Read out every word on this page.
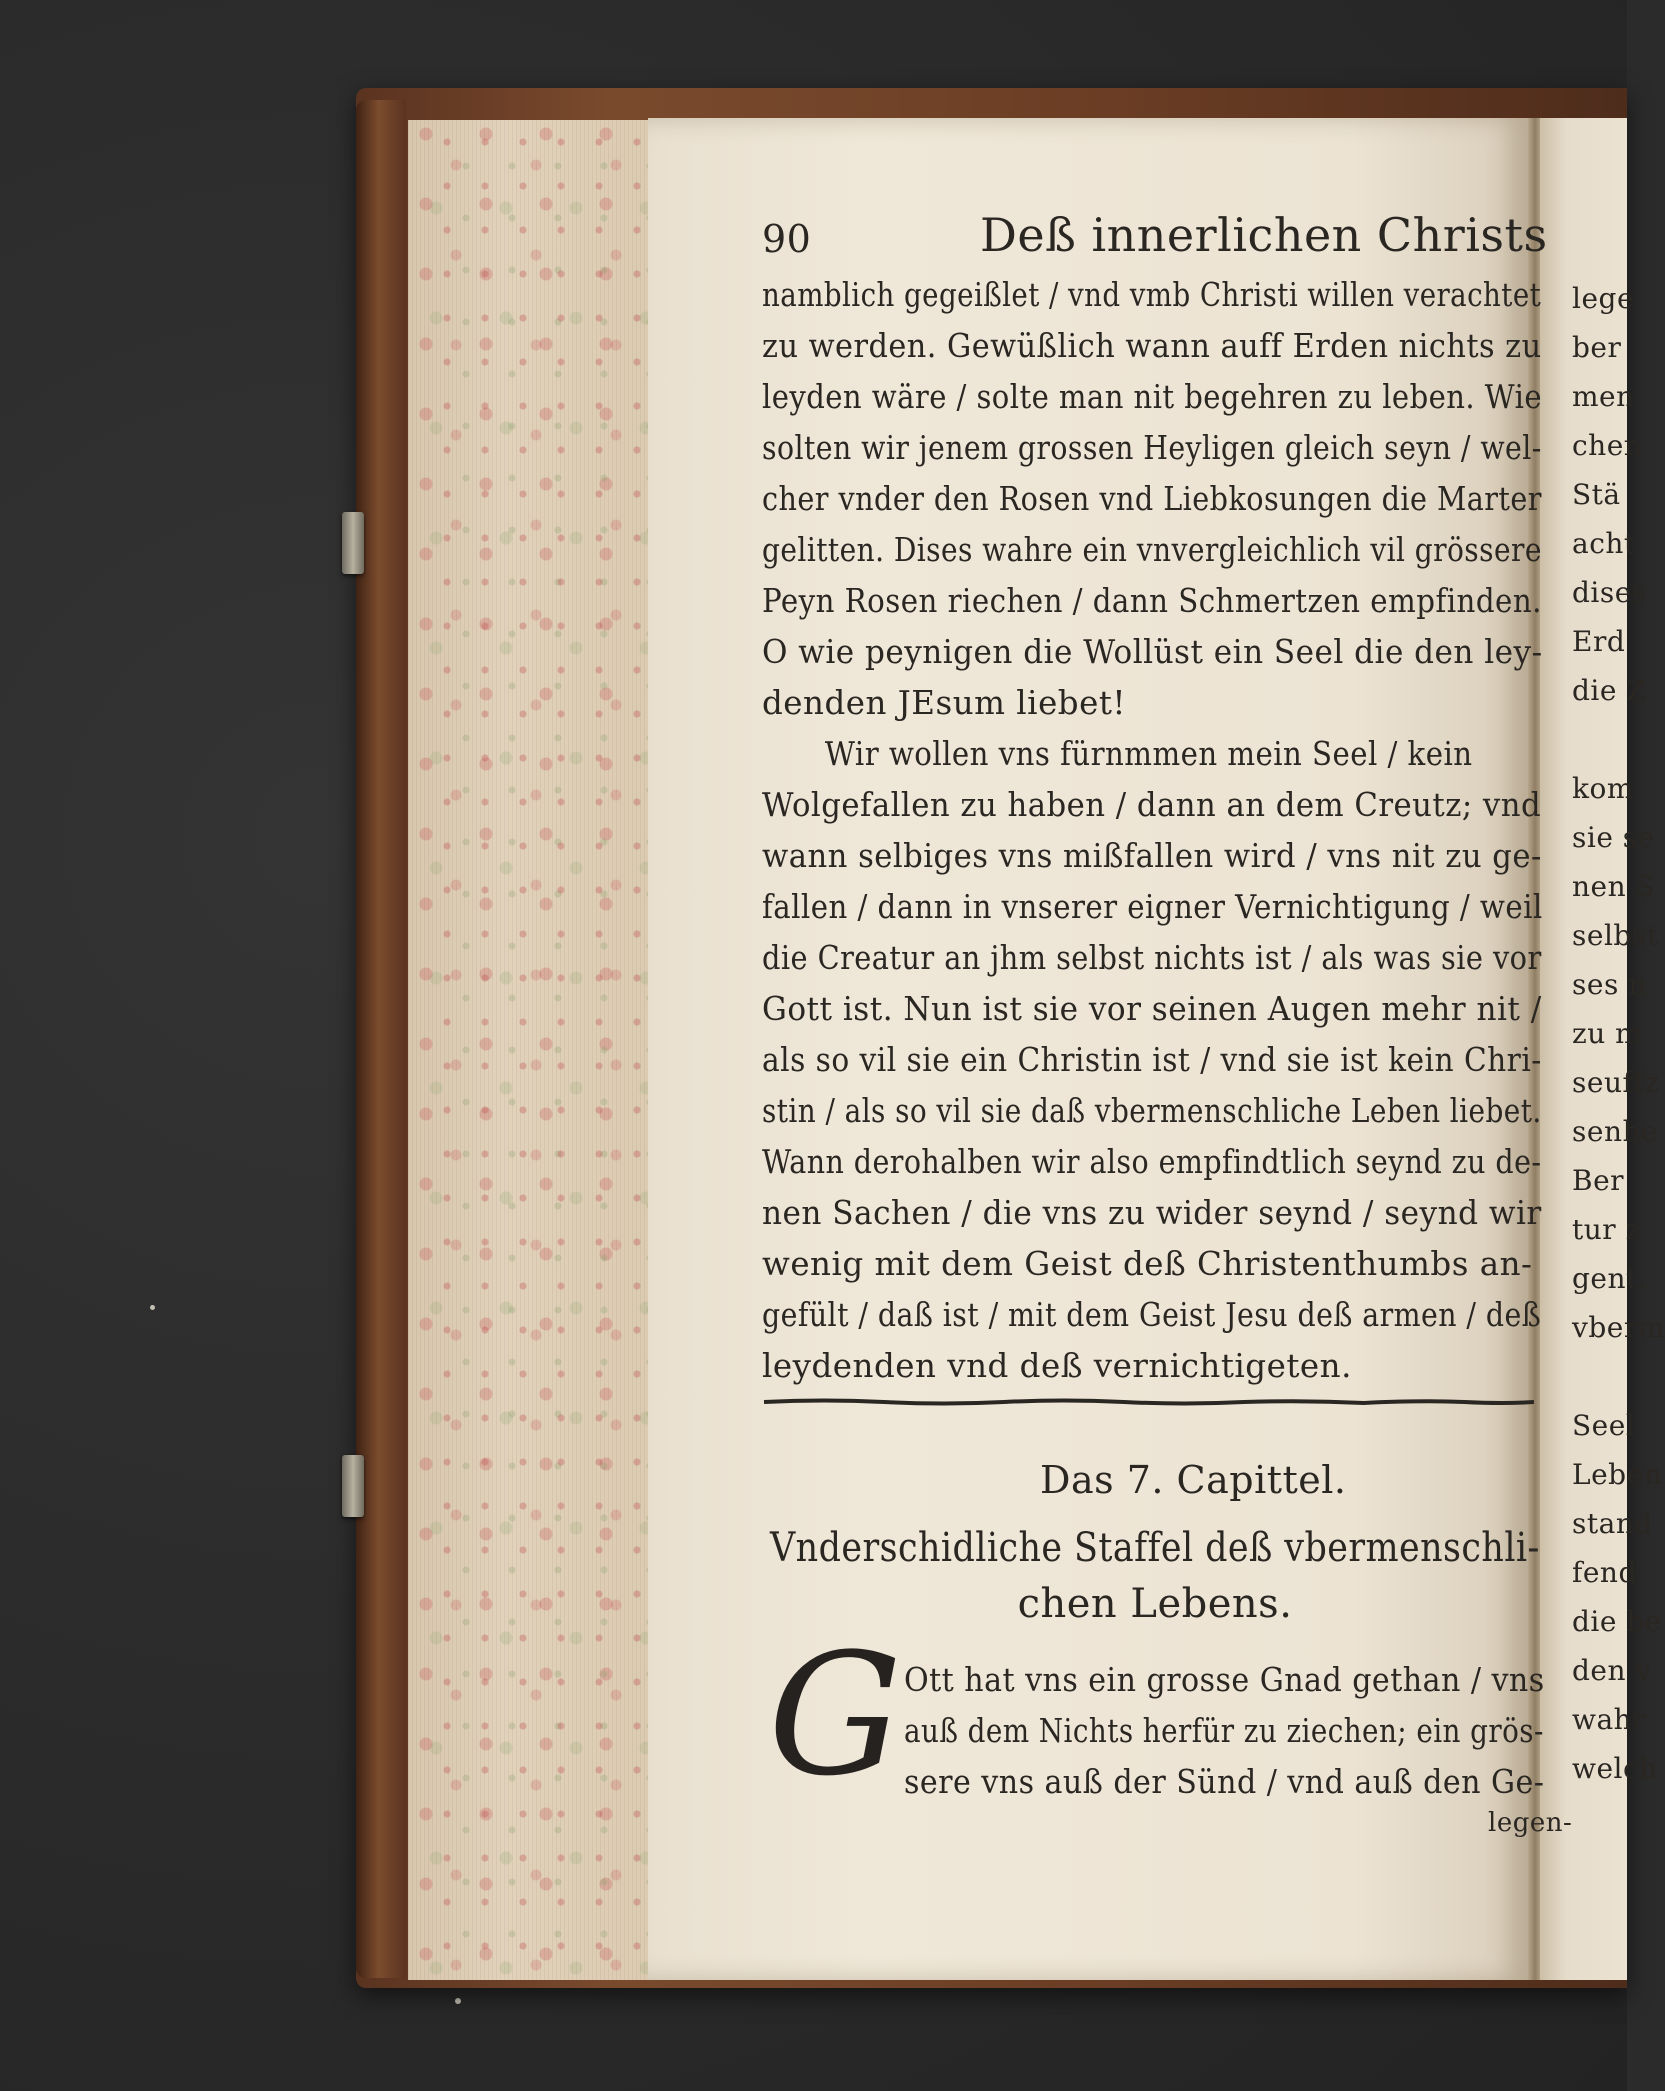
lege
ber
men
chen
Stä
acht
dises
Erd
die Z
kom
sie se
nen S
selbst
ses n
zu m
seuffz
senhe
Ber
tur z
gent.
vberm
Seel
Leben
stand
fend
die be
den v
wahr
welch
90	Deß innerlichen Christs
namblich gegeißlet / vnd vmb Christi willen verachtet
zu werden. Gewüßlich wann auff Erden nichts zu
leyden wäre / solte man nit begehren zu leben. Wie
solten wir jenem grossen Heyligen gleich seyn / wel-
cher vnder den Rosen vnd Liebkosungen die Marter
gelitten. Dises wahre ein vnvergleichlich vil grössere
Peyn Rosen riechen / dann Schmertzen empfinden.
O wie peynigen die Wollüst ein Seel die den ley-
denden JEsum liebet!
Wir wollen vns fürnmmen mein Seel / kein
Wolgefallen zu haben / dann an dem Creutz; vnd
wann selbiges vns mißfallen wird / vns nit zu ge-
fallen / dann in vnserer eigner Vernichtigung / weil
die Creatur an jhm selbst nichts ist / als was sie vor
Gott ist. Nun ist sie vor seinen Augen mehr nit /
als so vil sie ein Christin ist / vnd sie ist kein Chri-
stin / als so vil sie daß vbermenschliche Leben liebet.
Wann derohalben wir also empfindtlich seynd zu de-
nen Sachen / die vns zu wider seynd / seynd wir
wenig mit dem Geist deß Christenthumbs an-
gefült / daß ist / mit dem Geist Jesu deß armen / deß
leydenden vnd deß vernichtigeten.
Das 7. Capittel.
Vnderschidliche Staffel deß vbermenschli-
chen Lebens.
G Ott hat vns ein grosse Gnad gethan / vns
auß dem Nichts herfür zu ziechen; ein grös-
sere vns auß der Sünd / vnd auß den Ge-
legen-
